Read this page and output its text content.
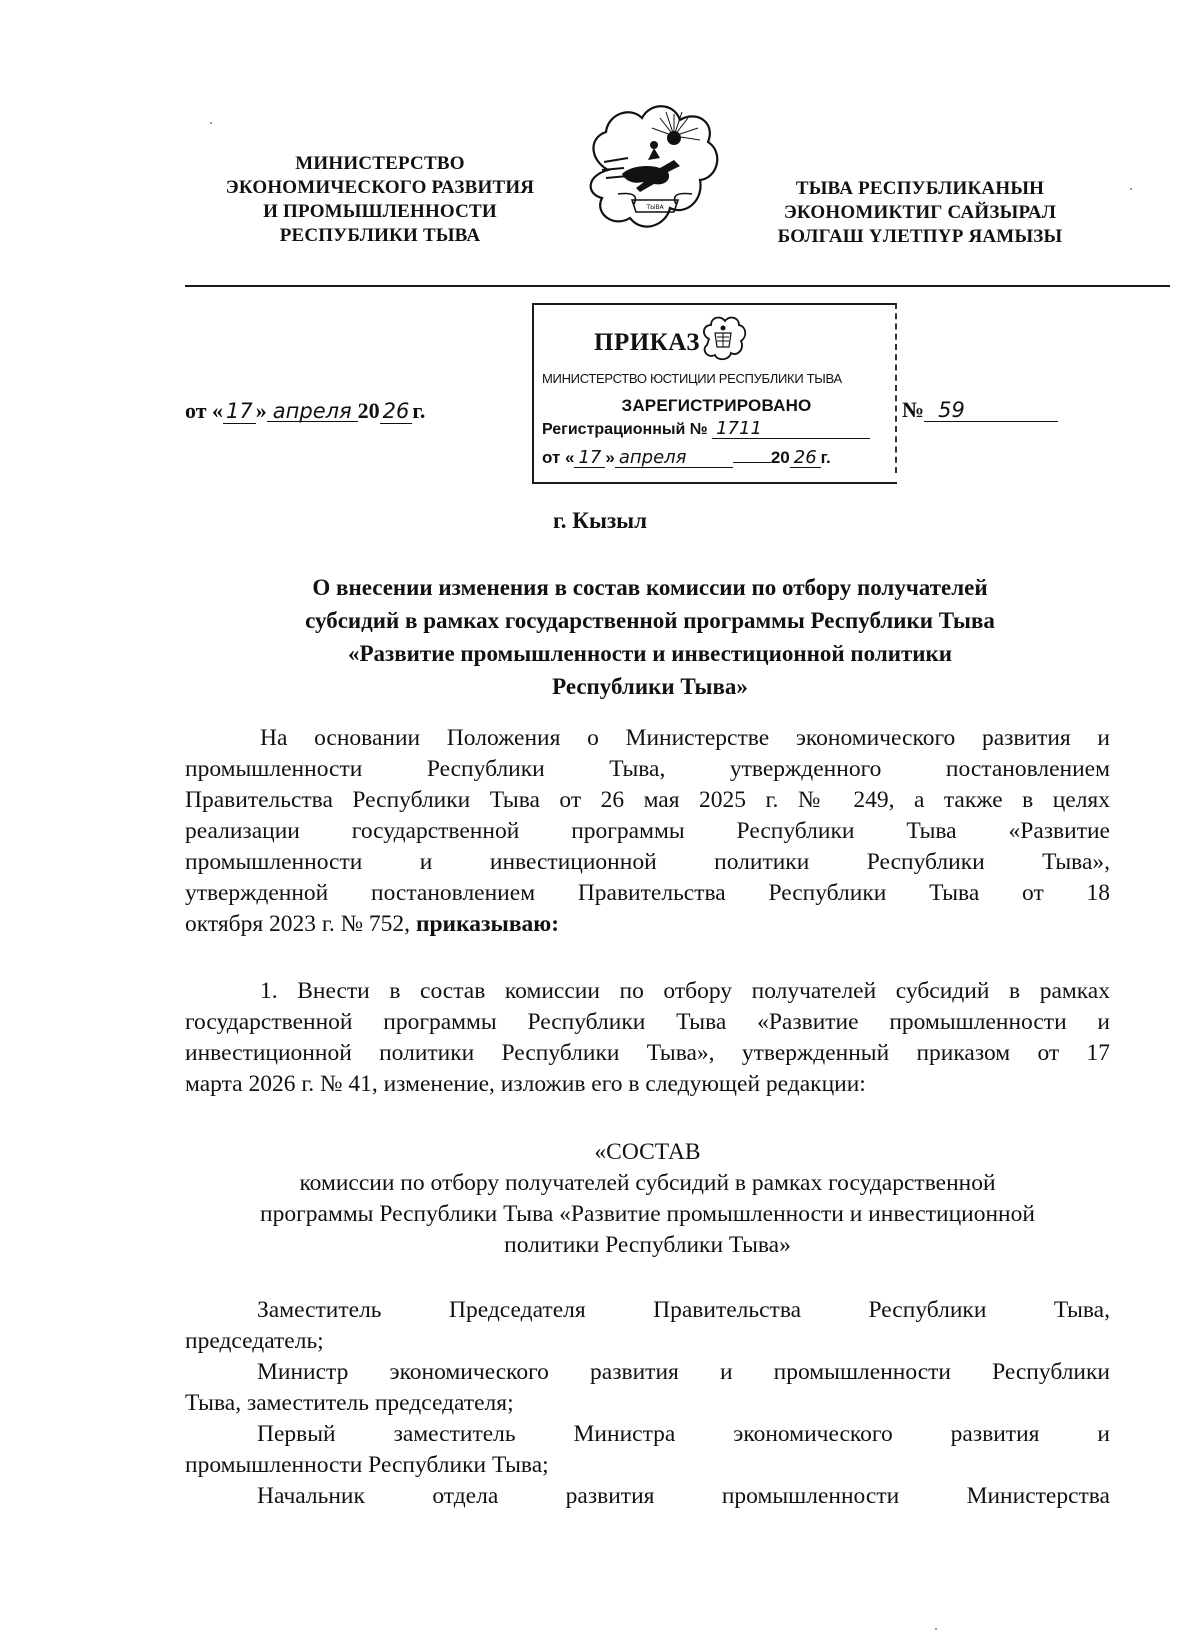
МИНИСТЕРСТВО
ЭКОНОМИЧЕСКОГО РАЗВИТИЯ
И ПРОМЫШЛЕННОСТИ
РЕСПУБЛИКИ ТЫВА
ТЫВА
ТЫВА РЕСПУБЛИКАНЫН
ЭКОНОМИКТИГ САЙЗЫРАЛ
БОЛГАШ ҮЛЕТПҮР ЯАМЫЗЫ
от « 17 » апреля 20 26 г.
ПРИКАЗ
МИНИСТЕРСТВО ЮСТИЦИИ РЕСПУБЛИКИ ТЫВА
ЗАРЕГИСТРИРОВАНО
Регистрационный № 1711
от « 17 » апреля	20 26 г.
№ 59
г. Кызыл
О внесении изменения в состав комиссии по отбору получателей
субсидий в рамках государственной программы Республики Тыва
«Развитие промышленности и инвестиционной политики
Республики Тыва»
На основании Положения о Министерстве экономического развития и
промышленности Республики Тыва, утвержденного постановлением
Правительства Республики Тыва от 26 мая 2025 г. № 249, а также в целях
реализации государственной программы Республики Тыва «Развитие
промышленности и инвестиционной политики Республики Тыва»,
утвержденной постановлением Правительства Республики Тыва от 18
октября 2023 г. № 752, приказываю:
1. Внести в состав комиссии по отбору получателей субсидий в рамках
государственной программы Республики Тыва «Развитие промышленности и
инвестиционной политики Республики Тыва», утвержденный приказом от 17
марта 2026 г. № 41, изменение, изложив его в следующей редакции:
«СОСТАВ
комиссии по отбору получателей субсидий в рамках государственной
программы Республики Тыва «Развитие промышленности и инвестиционной
политики Республики Тыва»
Заместитель Председателя Правительства Республики Тыва,
председатель;
Министр экономического развития и промышленности Республики
Тыва, заместитель председателя;
Первый заместитель Министра экономического развития и
промышленности Республики Тыва;
Начальник отдела развития промышленности Министерства
